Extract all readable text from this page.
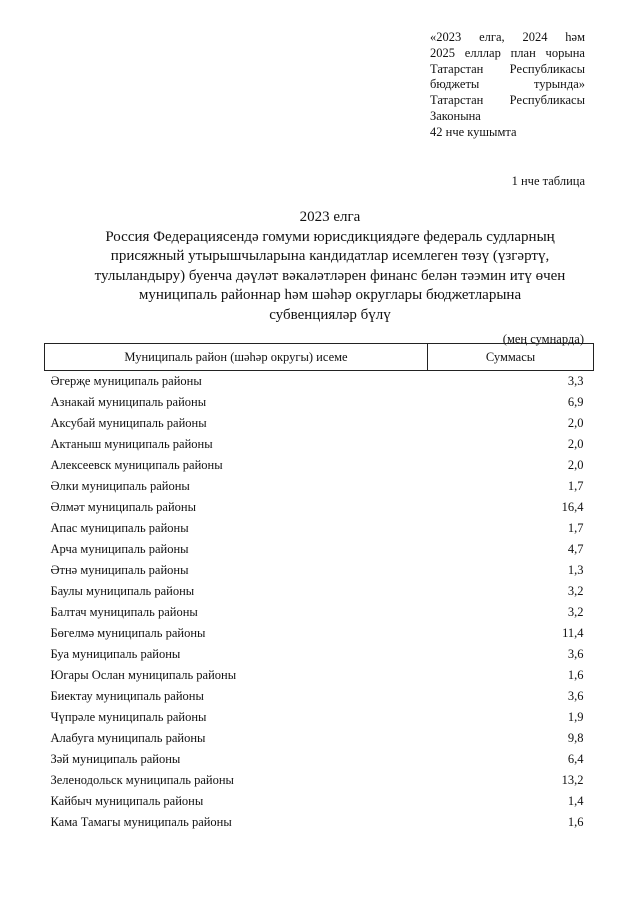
«2023 елга, 2024 һәм
2025 елллар план чорына
Татарстан Республикасы
бюджеты	турында»
Татарстан Республикасы
Законына
42 нче кушымта
1 нче таблица
2023 елга
Россия Федерациясендә гомуми юрисдикциядәге федераль судларның
присяжный утырышчыларына кандидатлар исемлеген төзү (үзгәртү,
тулыландыру) буенча дәүләт вәкаләтләрен финанс белән тәэмин итү өчен
муниципаль районнар һәм шәһәр округлары бюджетларына
субвенцияләр бүлү
(мең сумнарда)
Муниципаль район (шәһәр округы) исеме	Суммасы
Әгерҗе муниципаль районы	3,3
Азнакай муниципаль районы	6,9
Аксубай муниципаль районы	2,0
Актаныш муниципаль районы	2,0
Алексеевск муниципаль районы	2,0
Әлки муниципаль районы	1,7
Әлмәт муниципаль районы	16,4
Апас муниципаль районы	1,7
Арча муниципаль районы	4,7
Әтнә муниципаль районы	1,3
Баулы муниципаль районы	3,2
Балтач муниципаль районы	3,2
Бөгелмә муниципаль районы	11,4
Буа муниципаль районы	3,6
Югары Ослан муниципаль районы	1,6
Биектау муниципаль районы	3,6
Чүпрәле муниципаль районы	1,9
Алабуга муниципаль районы	9,8
Зәй муниципаль районы	6,4
Зеленодольск муниципаль районы	13,2
Кайбыч муниципаль районы	1,4
Кама Тамагы муниципаль районы	1,6
